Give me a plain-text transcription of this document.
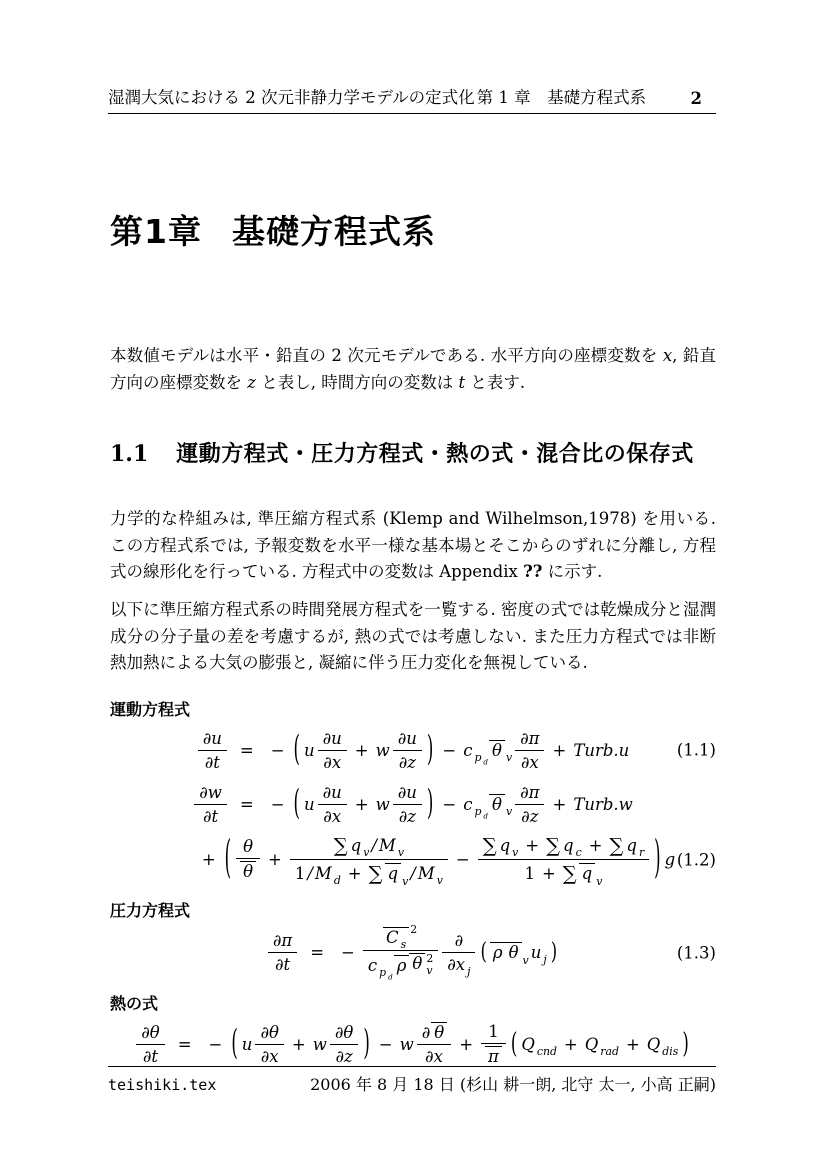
湿潤大気における 2 次元非静力学モデルの定式化 第 1 章　基礎方程式系	2
第1章 基礎方程式系

本数値モデルは水平・鉛直の 2 次元モデルである. 水平方向の座標変数を x, 鉛直方向の座標変数を z と表し, 時間方向の変数は t と表す.

1.1 運動方程式・圧力方程式・熱の式・混合比の保存式

力学的な枠組みは, 準圧縮方程式系 (Klemp and Wilhelmson,1978) を用いる. この方程式系では, 予報変数を水平一様な基本場とそこからのずれに分離し, 方程式の線形化を行っている. 方程式中の変数は Appendix ?? に示す.

以下に準圧縮方程式系の時間発展方程式を一覧する. 密度の式では乾燥成分と湿潤成分の分子量の差を考慮するが, 熱の式では考慮しない. また圧力方程式では非断熱加熱による大気の膨張と, 凝縮に伴う圧力変化を無視している.

運動方程式
∂u
∂t
= − ( u
∂u
∂x
+ w
∂u
∂z ) − c p d
θ v
∂π
∂x
+ Turb.u	(1.1)
∂w
∂t
= − ( u
∂u
∂x
+ w
∂u
∂z ) − c p d
θ v
∂π
∂z
+ Turb.w
+ ( θ
θ
+ $\frac{\text{∑ q v / M v}}{\text{1 / M d + ∑ q v / M v}} - \frac{\text{∑ q v + ∑ q c + ∑ q r}}{\text{1 + ∑ q v}}$ ) g (1.2)
圧力方程式
∂π
∂t
= −
C s
2
c p d
ρ θ 2
v
∂
∂x j
( ρ θ v u j )	(1.3)
熱の式
∂θ
∂t
= − ( u
∂θ
∂x
+ w
∂θ
∂z ) − w
∂ θ
∂x
+ $\frac{1}{\pi}$ ( Q cnd + Q rad + Q dis )
teishiki.tex	2006 年 8 月 18 日 (杉山 耕一朗, 北守 太一, 小高 正嗣)
